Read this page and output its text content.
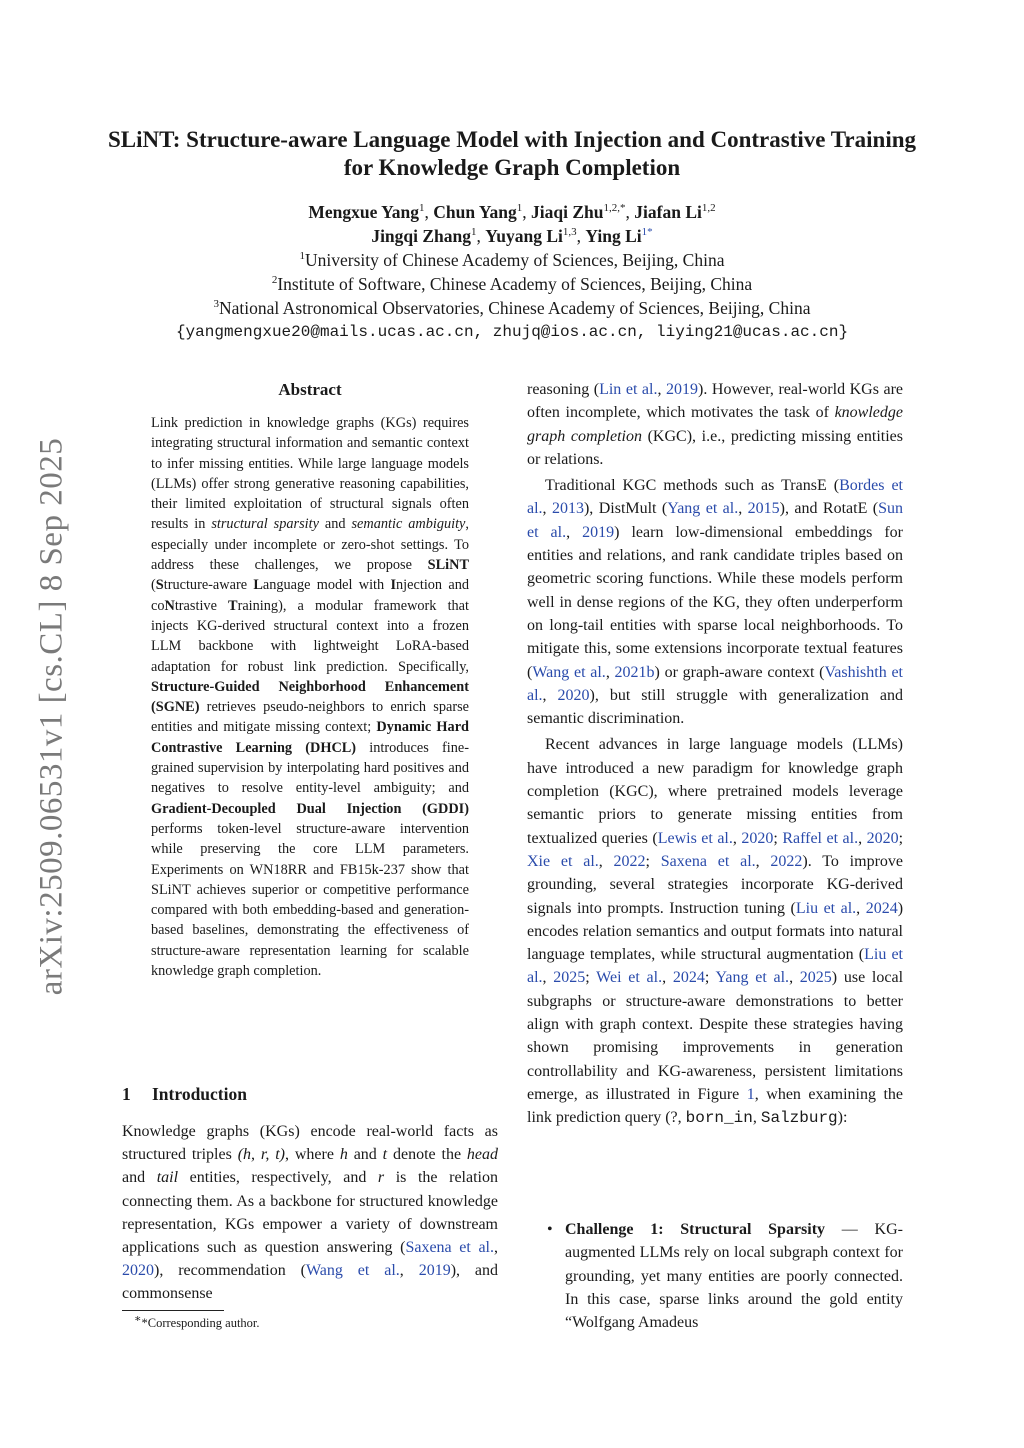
arXiv:2509.06531v1 [cs.CL] 8 Sep 2025
SLiNT: Structure-aware Language Model with Injection and Contrastive Training for Knowledge Graph Completion
Mengxue Yang$^1$, Chun Yang$^1$, Jiaqi Zhu$^{1,2,*}$, Jiafan Li$^{1,2}$
Jingqi Zhang$^1$, Yuyang Li$^{1,3}$, Ying $Li^{1*}$
$^1$University of Chinese Academy of Sciences, Beijing, China
$^2$Institute of Software, Chinese Academy of Sciences, Beijing, China
$^3$National Astronomical Observatories, Chinese Academy of Sciences, Beijing, China
{yangmengxue20@mails.ucas.ac.cn, zhujq@ios.ac.cn, liying21@ucas.ac.cn}
Abstract
Link prediction in knowledge graphs (KGs) requires integrating structural information and semantic context to infer missing entities. While large language models (LLMs) offer strong generative reasoning capabilities, their limited exploitation of structural signals often results in structural sparsity and semantic ambiguity, especially under incomplete or zero-shot settings. To address these challenges, we propose SLiNT (Structure-aware Language model with Injection and coNtrastive Training), a modular framework that injects KG-derived structural context into a frozen LLM backbone with lightweight LoRA-based adaptation for robust link prediction. Specifically, Structure-Guided Neighborhood Enhancement (SGNE) retrieves pseudo-neighbors to enrich sparse entities and mitigate missing context; Dynamic Hard Contrastive Learning (DHCL) introduces fine-grained supervision by interpolating hard positives and negatives to resolve entity-level ambiguity; and Gradient-Decoupled Dual Injection (GDDI) performs token-level structure-aware intervention while preserving the core LLM parameters. Experiments on WN18RR and FB15k-237 show that SLiNT achieves superior or competitive performance compared with both embedding-based and generation-based baselines, demonstrating the effectiveness of structure-aware representation learning for scalable knowledge graph completion.
1 Introduction
Knowledge graphs (KGs) encode real-world facts as structured triples (h, r, t), where h and t denote the head and tail entities, respectively, and r is the relation connecting them. As a backbone for structured knowledge representation, KGs empower a variety of downstream applications such as question answering (Saxena et al., 2020), recommendation (Wang et al., 2019), and commonsense
∗*Corresponding author.

reasoning (Lin et al., 2019). However, real-world KGs are often incomplete, which motivates the task of knowledge graph completion (KGC), i.e., predicting missing entities or relations.

Traditional KGC methods such as TransE (Bordes et al., 2013), DistMult (Yang et al., 2015), and RotatE (Sun et al., 2019) learn low-dimensional embeddings for entities and relations, and rank candidate triples based on geometric scoring functions. While these models perform well in dense regions of the KG, they often underperform on long-tail entities with sparse local neighborhoods. To mitigate this, some extensions incorporate textual features (Wang et al., 2021b) or graph-aware context (Vashishth et al., 2020), but still struggle with generalization and semantic discrimination.

Recent advances in large language models (LLMs) have introduced a new paradigm for knowledge graph completion (KGC), where pretrained models leverage semantic priors to generate missing entities from textualized queries (Lewis et al., 2020; Raffel et al., 2020; Xie et al., 2022; Saxena et al., 2022). To improve grounding, several strategies incorporate KG-derived signals into prompts. Instruction tuning (Liu et al., 2024) encodes relation semantics and output formats into natural language templates, while structural augmentation (Liu et al., 2025; Wei et al., 2024; Yang et al., 2025) use local subgraphs or structure-aware demonstrations to better align with graph context. Despite these strategies having shown promising improvements in generation controllability and KG-awareness, persistent limitations emerge, as illustrated in Figure 1, when examining the link prediction query (?, born_in, Salzburg):

• Challenge 1: Structural Sparsity — KG-augmented LLMs rely on local subgraph context for grounding, yet many entities are poorly connected. In this case, sparse links around the gold entity “Wolfgang Amadeus
